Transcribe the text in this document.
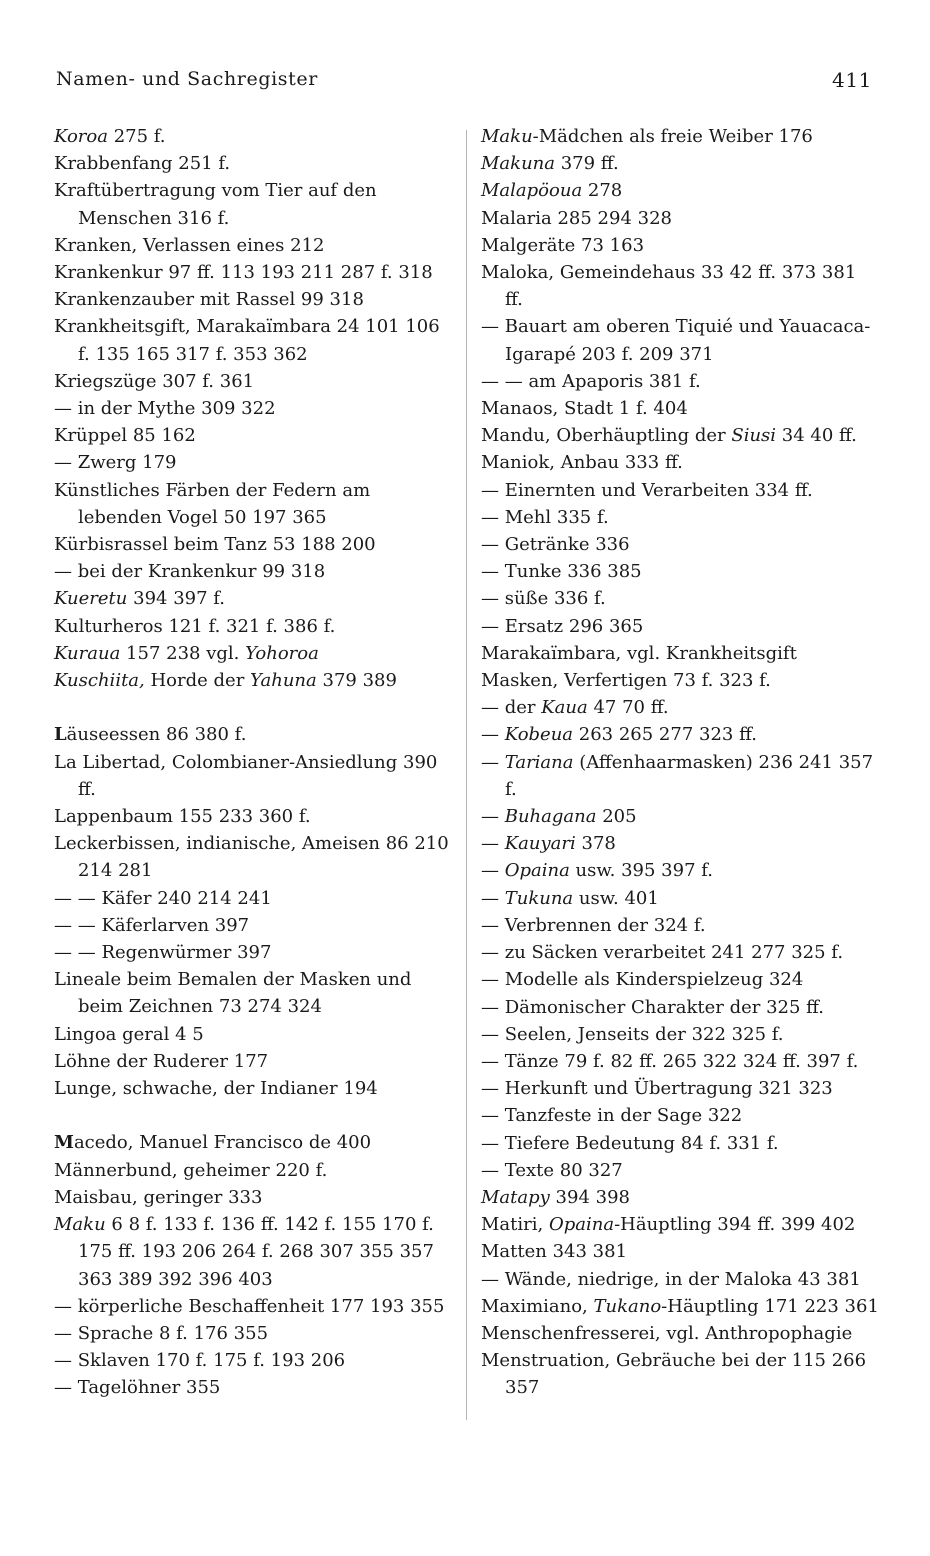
Namen- und Sachregister	411

Koroa 275 f.

Krabbenfang 251 f.

Kraftübertragung vom Tier auf den Menschen 316 f.

Kranken, Verlassen eines 212

Krankenkur 97 ff. 113 193 211 287 f. 318

Krankenzauber mit Rassel 99 318

Krankheitsgift, Marakaïmbara 24 101 106 f. 135 165 317 f. 353 362

Kriegszüge 307 f. 361

— in der Mythe 309 322

Krüppel 85 162

— Zwerg 179

Künstliches Färben der Federn am lebenden Vogel 50 197 365

Kürbisrassel beim Tanz 53 188 200

— bei der Krankenkur 99 318

Kueretu 394 397 f.

Kulturheros 121 f. 321 f. 386 f.

Kuraua 157 238 vgl. Yohoroa

Kuschiita, Horde der Yahuna 379 389

Läuseessen 86 380 f.

La Libertad, Colombianer-Ansiedlung 390 ff.

Lappenbaum 155 233 360 f.

Leckerbissen, indianische, Ameisen 86 210 214 281

— — Käfer 240 214 241

— — Käferlarven 397

— — Regenwürmer 397

Lineale beim Bemalen der Masken und beim Zeichnen 73 274 324

Lingoa geral 4 5

Löhne der Ruderer 177

Lunge, schwache, der Indianer 194

Macedo, Manuel Francisco de 400

Männerbund, geheimer 220 f.

Maisbau, geringer 333

Maku 6 8 f. 133 f. 136 ff. 142 f. 155 170 f. 175 ff. 193 206 264 f. 268 307 355 357 363 389 392 396 403

— körperliche Beschaffenheit 177 193 355

— Sprache 8 f. 176 355

— Sklaven 170 f. 175 f. 193 206

— Tagelöhner 355

Maku-Mädchen als freie Weiber 176

Makuna 379 ff.

Malapöoua 278

Malaria 285 294 328

Malgeräte 73 163

Maloka, Gemeindehaus 33 42 ff. 373 381 ff.

— Bauart am oberen Tiquié und Yauacaca-Igarapé 203 f. 209 371

— — am Apaporis 381 f.

Manaos, Stadt 1 f. 404

Mandu, Oberhäuptling der Siusi 34 40 ff.

Maniok, Anbau 333 ff.

— Einernten und Verarbeiten 334 ff.

— Mehl 335 f.

— Getränke 336

— Tunke 336 385

— süße 336 f.

— Ersatz 296 365

Marakaïmbara, vgl. Krankheitsgift

Masken, Verfertigen 73 f. 323 f.

— der Kaua 47 70 ff.

— Kobeua 263 265 277 323 ff.

— Tariana (Affenhaarmasken) 236 241 357 f.

— Buhagana 205

— Kauyari 378

— Opaina usw. 395 397 f.

— Tukuna usw. 401

— Verbrennen der 324 f.

— zu Säcken verarbeitet 241 277 325 f.

— Modelle als Kinderspielzeug 324

— Dämonischer Charakter der 325 ff.

— Seelen, Jenseits der 322 325 f.

— Tänze 79 f. 82 ff. 265 322 324 ff. 397 f.

— Herkunft und Übertragung 321 323

— Tanzfeste in der Sage 322

— Tiefere Bedeutung 84 f. 331 f.

— Texte 80 327

Matapy 394 398

Matiri, Opaina-Häuptling 394 ff. 399 402

Matten 343 381

— Wände, niedrige, in der Maloka 43 381

Maximiano, Tukano-Häuptling 171 223 361

Menschenfresserei, vgl. Anthropophagie

Menstruation, Gebräuche bei der 115 266 357
